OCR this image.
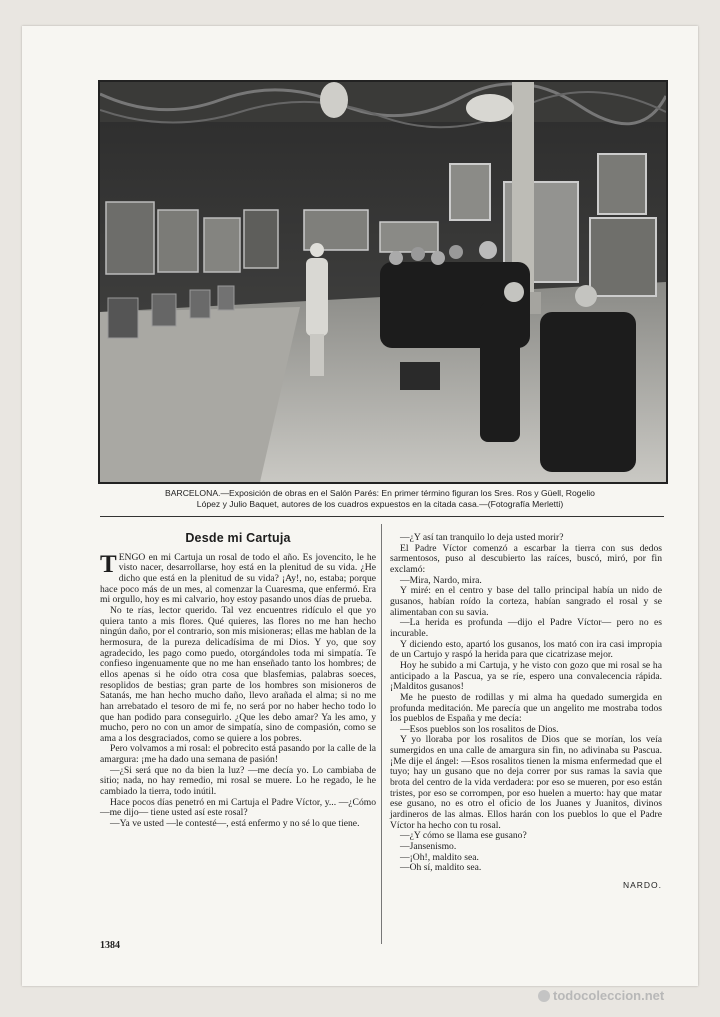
BARCELONA.—Exposición de obras en el Salón Parés: En primer término figuran los Sres. Ros y Güell, Rogelio

López y Julio Baquet, autores de los cuadros expuestos en la citada casa.—(Fotografía Merletti)

Desde mi Cartuja

TENGO en mi Cartuja un rosal de todo el año. Es jovencito, le he visto nacer, desarrollarse, hoy está en la plenitud de su vida. ¿He dicho que está en la plenitud de su vida? ¡Ay!, no, estaba; porque hace poco más de un mes, al comenzar la Cuaresma, que enfermó. Era mi orgullo, hoy es mi calvario, hoy estoy pasando unos días de prueba.

No te rías, lector querido. Tal vez encuentres ridículo el que yo quiera tanto a mis flores. Qué quieres, las flores no me han hecho ningún daño, por el contrario, son mis misioneras; ellas me hablan de la hermosura, de la pureza delicadísima de mi Dios. Y yo, que soy agradecido, les pago como puedo, otorgándoles toda mi simpatía. Te confieso ingenuamente que no me han enseñado tanto los hombres; de ellos apenas si he oído otra cosa que blasfemias, palabras soeces, resoplidos de bestias; gran parte de los hombres son misioneros de Satanás, me han hecho mucho daño, llevo arañada el alma; si no me han arrebatado el tesoro de mi fe, no será por no haber hecho todo lo que han podido para conseguirlo. ¿Que les debo amar? Ya les amo, y mucho, pero no con un amor de simpatía, sino de compasión, como se ama a los desgraciados, como se quiere a los pobres.

Pero volvamos a mi rosal: el pobrecito está pasando por la calle de la amargura: ¡me ha dado una semana de pasión!

—¿Si será que no da bien la luz? —me decía yo. Lo cambiaba de sitio; nada, no hay remedio, mi rosal se muere. Lo he regado, le he cambiado la tierra, todo inútil.

Hace pocos días penetró en mi Cartuja el Padre Víctor, y... —¿Cómo —me dijo— tiene usted así este rosal?

—Ya ve usted —le contesté—, está enfermo y no sé lo que tiene.

—¿Y así tan tranquilo lo deja usted morir?

El Padre Víctor comenzó a escarbar la tierra con sus dedos sarmentosos, puso al descubierto las raíces, buscó, miró, por fin exclamó:

—Mira, Nardo, mira.

Y miré: en el centro y base del tallo principal había un nido de gusanos, habían roído la corteza, habían sangrado el rosal y se alimentaban con su savia.

—La herida es profunda —dijo el Padre Víctor— pero no es incurable.

Y diciendo esto, apartó los gusanos, los mató con ira casi impropia de un Cartujo y raspó la herida para que cicatrizase mejor.

Hoy he subido a mi Cartuja, y he visto con gozo que mi rosal se ha anticipado a la Pascua, ya se ríe, espero una convalecencia rápida. ¡Malditos gusanos!

Me he puesto de rodillas y mi alma ha quedado sumergida en profunda meditación. Me parecía que un angelito me mostraba todos los pueblos de España y me decía:

—Esos pueblos son los rosalitos de Dios.

Y yo lloraba por los rosalitos de Dios que se morían, los veía sumergidos en una calle de amargura sin fin, no adivinaba su Pascua. ¡Me dije el ángel: —Esos rosalitos tienen la misma enfermedad que el tuyo; hay un gusano que no deja correr por sus ramas la savia que brota del centro de la vida verdadera: por eso se mueren, por eso están tristes, por eso se corrompen, por eso huelen a muerto: hay que matar ese gusano, no es otro el oficio de los Juanes y Juanitos, divinos jardineros de las almas. Ellos harán con los pueblos lo que el Padre Víctor ha hecho con tu rosal.

—¿Y cómo se llama ese gusano?

—Jansenismo.

—¡Oh!, maldito sea.

—Oh sí, maldito sea.

NARDO.

1384
todocoleccion.net
